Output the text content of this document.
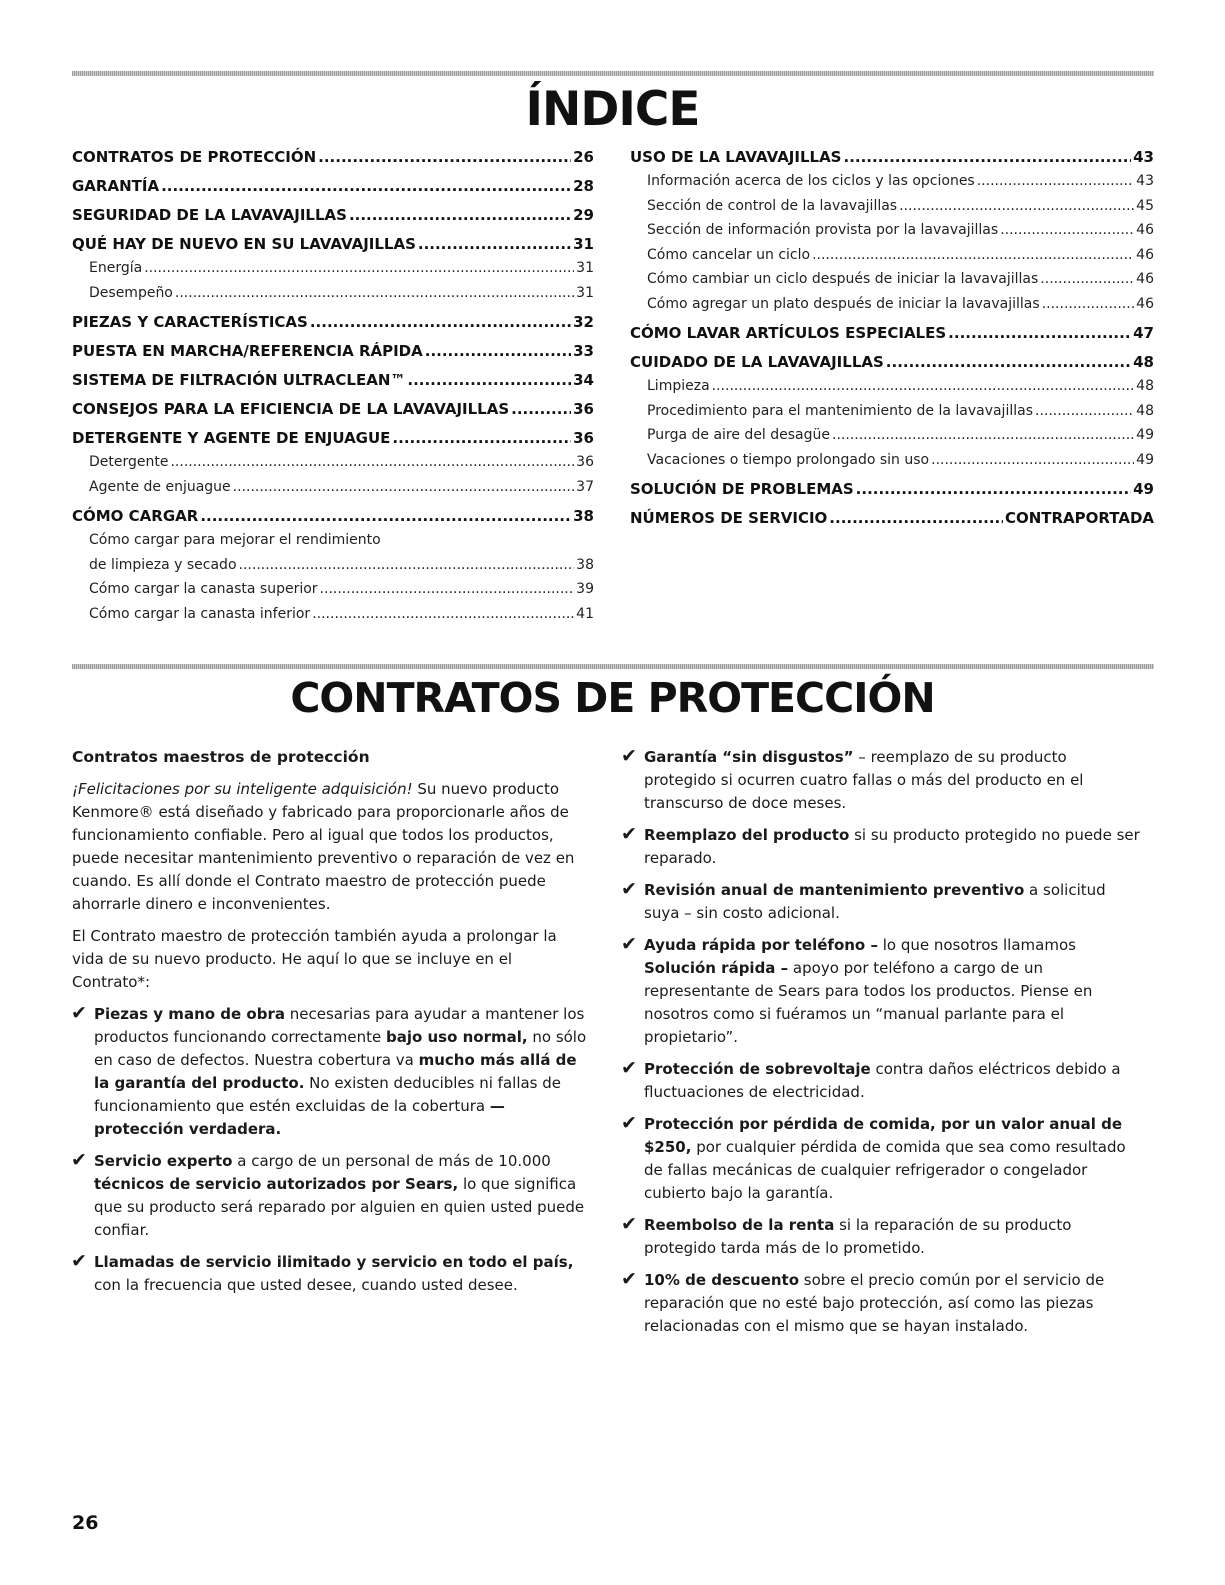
ÍNDICE
CONTRATOS DE PROTECCIÓN .....	26
GARANTÍA .....	28
SEGURIDAD DE LA LAVAVAJILLAS .....	29
QUÉ HAY DE NUEVO EN SU LAVAVAJILLAS .....	31
Energía .....	31
Desempeño .....	31
PIEZAS Y CARACTERÍSTICAS .....	32
PUESTA EN MARCHA/REFERENCIA RÁPIDA .....	33
SISTEMA DE FILTRACIÓN ULTRACLEAN™ .....	34
CONSEJOS PARA LA EFICIENCIA DE LA LAVAVAJILLAS .....	36
DETERGENTE Y AGENTE DE ENJUAGUE .....	36
Detergente .....	36
Agente de enjuague .....	37
CÓMO CARGAR .....	38
Cómo cargar para mejorar el rendimiento
de limpieza y secado .....	38
Cómo cargar la canasta superior .....	39
Cómo cargar la canasta inferior .....	41
USO DE LA LAVAVAJILLAS .....	43
Información acerca de los ciclos y las opciones .....	43
Sección de control de la lavavajillas .....	45
Sección de información provista por la lavavajillas .....	46
Cómo cancelar un ciclo .....	46
Cómo cambiar un ciclo después de iniciar la lavavajillas .....	46
Cómo agregar un plato después de iniciar la lavavajillas .....	46
CÓMO LAVAR ARTÍCULOS ESPECIALES .....	47
CUIDADO DE LA LAVAVAJILLAS .....	48
Limpieza .....	48
Procedimiento para el mantenimiento de la lavavajillas .....	48
Purga de aire del desagüe .....	49
Vacaciones o tiempo prolongado sin uso .....	49
SOLUCIÓN DE PROBLEMAS .....	49
NÚMEROS DE SERVICIO .....	CONTRAPORTADA
CONTRATOS DE PROTECCIÓN

Contratos maestros de protección

¡Felicitaciones por su inteligente adquisición! Su nuevo producto Kenmore® está diseñado y fabricado para proporcionarle años de funcionamiento confiable. Pero al igual que todos los productos, puede necesitar mantenimiento preventivo o reparación de vez en cuando. Es allí donde el Contrato maestro de protección puede ahorrarle dinero e inconvenientes.

El Contrato maestro de protección también ayuda a prolongar la vida de su nuevo producto. He aquí lo que se incluye en el Contrato*:

✔ Piezas y mano de obra necesarias para ayudar a mantener los productos funcionando correctamente bajo uso normal, no sólo en caso de defectos. Nuestra cobertura va mucho más allá de la garantía del producto. No existen deducibles ni fallas de funcionamiento que estén excluidas de la cobertura — protección verdadera.
✔ Servicio experto a cargo de un personal de más de 10.000 técnicos de servicio autorizados por Sears, lo que significa que su producto será reparado por alguien en quien usted puede confiar.
✔ Llamadas de servicio ilimitado y servicio en todo el país, con la frecuencia que usted desee, cuando usted desee.
✔ Garantía “sin disgustos” – reemplazo de su producto protegido si ocurren cuatro fallas o más del producto en el transcurso de doce meses.
✔ Reemplazo del producto si su producto protegido no puede ser reparado.
✔ Revisión anual de mantenimiento preventivo a solicitud suya – sin costo adicional.
✔ Ayuda rápida por teléfono – lo que nosotros llamamos Solución rápida – apoyo por teléfono a cargo de un representante de Sears para todos los productos. Piense en nosotros como si fuéramos un “manual parlante para el propietario”.
✔ Protección de sobrevoltaje contra daños eléctricos debido a fluctuaciones de electricidad.
✔ Protección por pérdida de comida, por un valor anual de $250, por cualquier pérdida de comida que sea como resultado de fallas mecánicas de cualquier refrigerador o congelador cubierto bajo la garantía.
✔ Reembolso de la renta si la reparación de su producto protegido tarda más de lo prometido.
✔ 10% de descuento sobre el precio común por el servicio de reparación que no esté bajo protección, así como las piezas relacionadas con el mismo que se hayan instalado.
26
